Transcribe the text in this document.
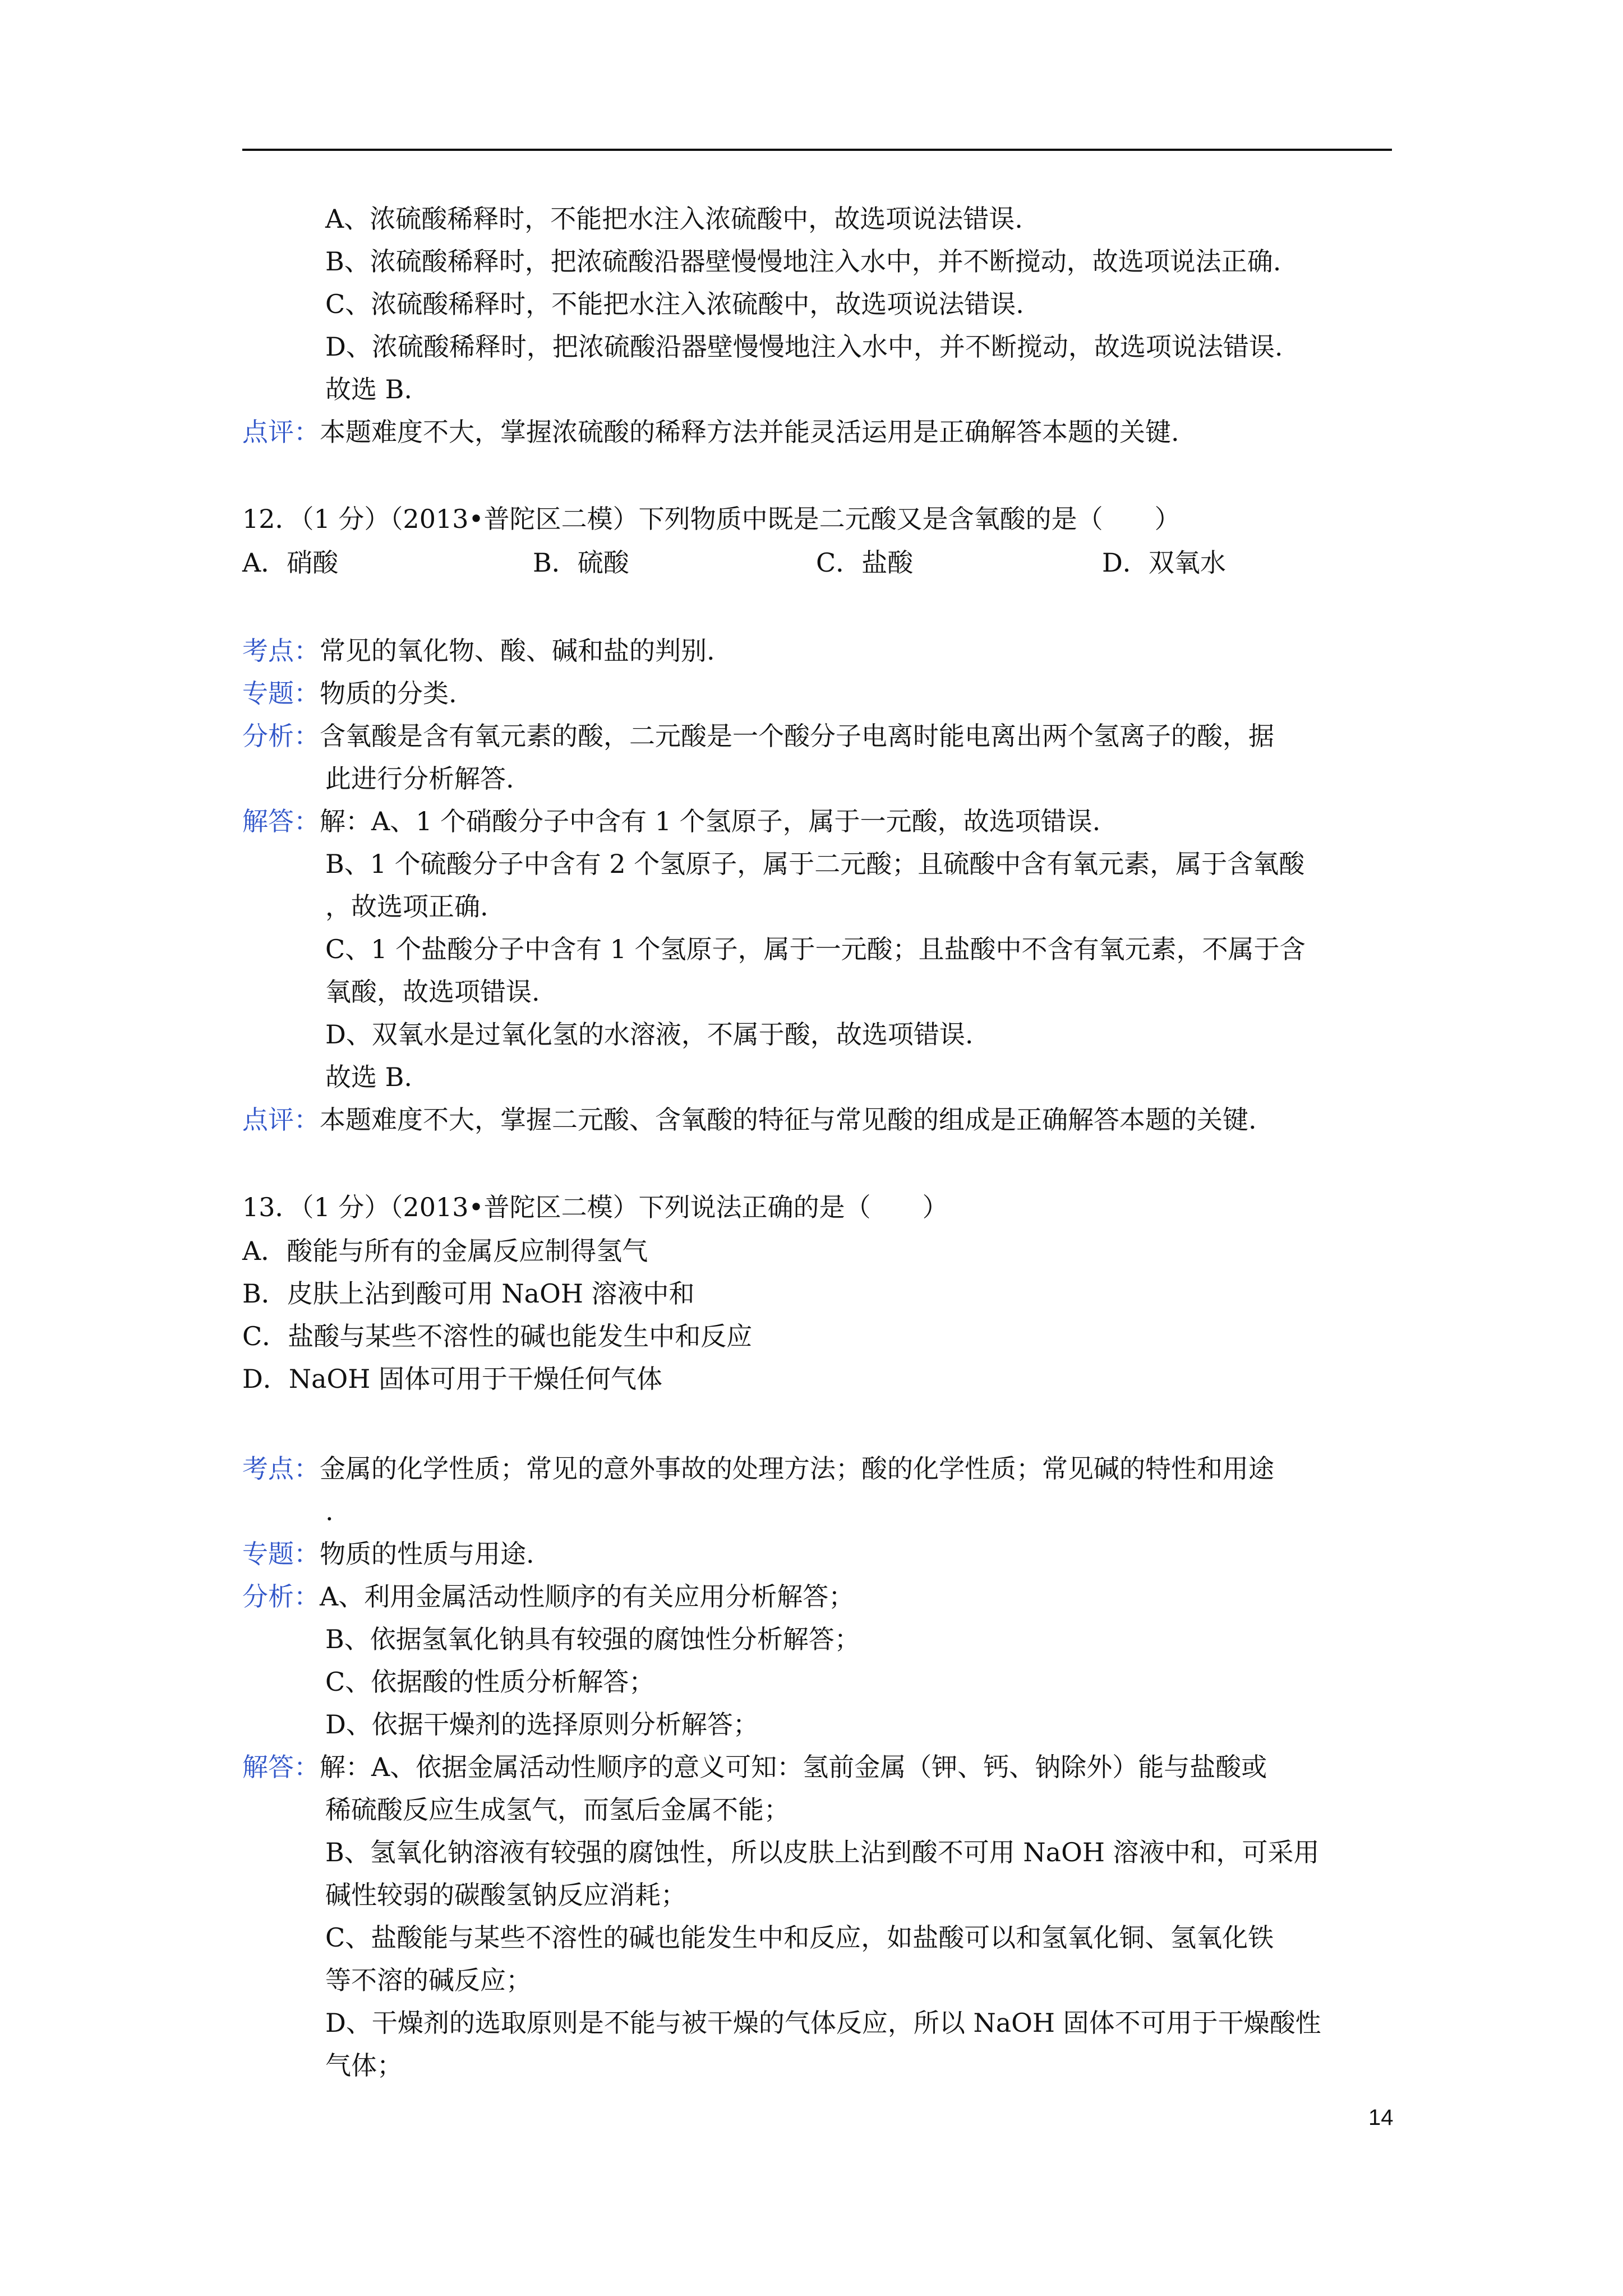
A、浓硫酸稀释时，不能把水注入浓硫酸中，故选项说法错误.
B、浓硫酸稀释时，把浓硫酸沿器壁慢慢地注入水中，并不断搅动，故选项说法正确.
C、浓硫酸稀释时，不能把水注入浓硫酸中，故选项说法错误.
D、浓硫酸稀释时，把浓硫酸沿器壁慢慢地注入水中，并不断搅动，故选项说法错误.
故选 B.
点评：本题难度不大，掌握浓硫酸的稀释方法并能灵活运用是正确解答本题的关键.
12．（1 分）（2013•普陀区二模）下列物质中既是二元酸又是含氧酸的是（　　）
A．硝酸	B．硫酸	C．盐酸	D．双氧水
考点：常见的氧化物、酸、碱和盐的判别.
专题：物质的分类.
分析：含氧酸是含有氧元素的酸，二元酸是一个酸分子电离时能电离出两个氢离子的酸，据
此进行分析解答.
解答：解：A、1 个硝酸分子中含有 1 个氢原子，属于一元酸，故选项错误.
B、1 个硫酸分子中含有 2 个氢原子，属于二元酸；且硫酸中含有氧元素，属于含氧酸
，故选项正确.
C、1 个盐酸分子中含有 1 个氢原子，属于一元酸；且盐酸中不含有氧元素，不属于含
氧酸，故选项错误.
D、双氧水是过氧化氢的水溶液，不属于酸，故选项错误.
故选 B.
点评：本题难度不大，掌握二元酸、含氧酸的特征与常见酸的组成是正确解答本题的关键.
13．（1 分）（2013•普陀区二模）下列说法正确的是（　　）
A．酸能与所有的金属反应制得氢气
B．皮肤上沾到酸可用 NaOH 溶液中和
C．盐酸与某些不溶性的碱也能发生中和反应
D．NaOH 固体可用于干燥任何气体
考点：金属的化学性质；常见的意外事故的处理方法；酸的化学性质；常见碱的特性和用途
.
专题：物质的性质与用途.
分析：A、利用金属活动性顺序的有关应用分析解答；
B、依据氢氧化钠具有较强的腐蚀性分析解答；
C、依据酸的性质分析解答；
D、依据干燥剂的选择原则分析解答；
解答：解：A、依据金属活动性顺序的意义可知：氢前金属（钾、钙、钠除外）能与盐酸或
稀硫酸反应生成氢气，而氢后金属不能；
B、氢氧化钠溶液有较强的腐蚀性，所以皮肤上沾到酸不可用 NaOH 溶液中和，可采用
碱性较弱的碳酸氢钠反应消耗；
C、盐酸能与某些不溶性的碱也能发生中和反应，如盐酸可以和氢氧化铜、氢氧化铁
等不溶的碱反应；
D、干燥剂的选取原则是不能与被干燥的气体反应，所以 NaOH 固体不可用于干燥酸性
气体；
14
